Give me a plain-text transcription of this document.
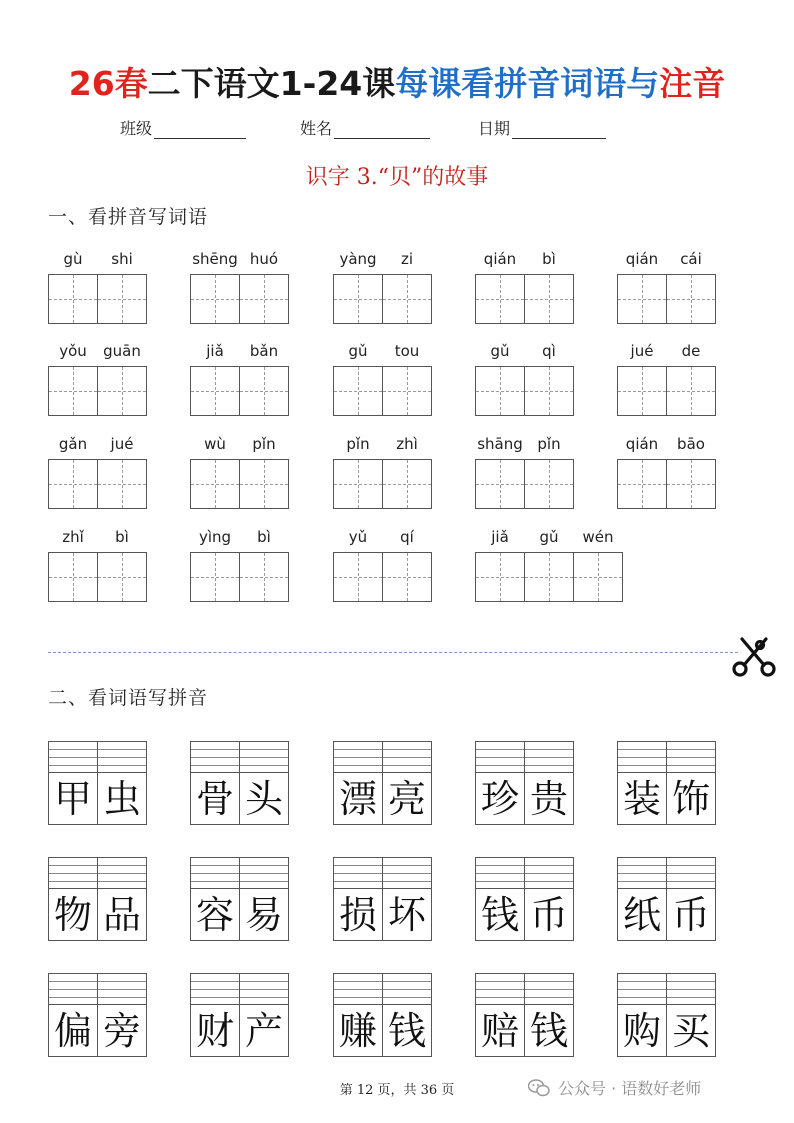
26春二下语文1-24课每课看拼音词语与注音
班级	姓名	日期
识字 3.“贝”的故事
一、看拼音写词语
gù	shi	shēng huó	yàng	zi	qián	bì	qián	cái
yǒu	guān	jiǎ	bǎn	gǔ	tou	gǔ	qì	jué	de
gǎn	jué	wù	pǐn	pǐn	zhì	shāng pǐn	qián	bāo
zhǐ	bì	yìng	bì	yǔ	qí	jiǎ	gǔ	wén
二、看词语写拼音
甲 虫 骨 头 漂 亮 珍 贵 装 饰
物 品 容 易 损 坏 钱 币 纸 币
偏 旁 财 产 赚 钱 赔 钱 购 买
第 12 页，共 36 页	公众号 · 语数好老师
